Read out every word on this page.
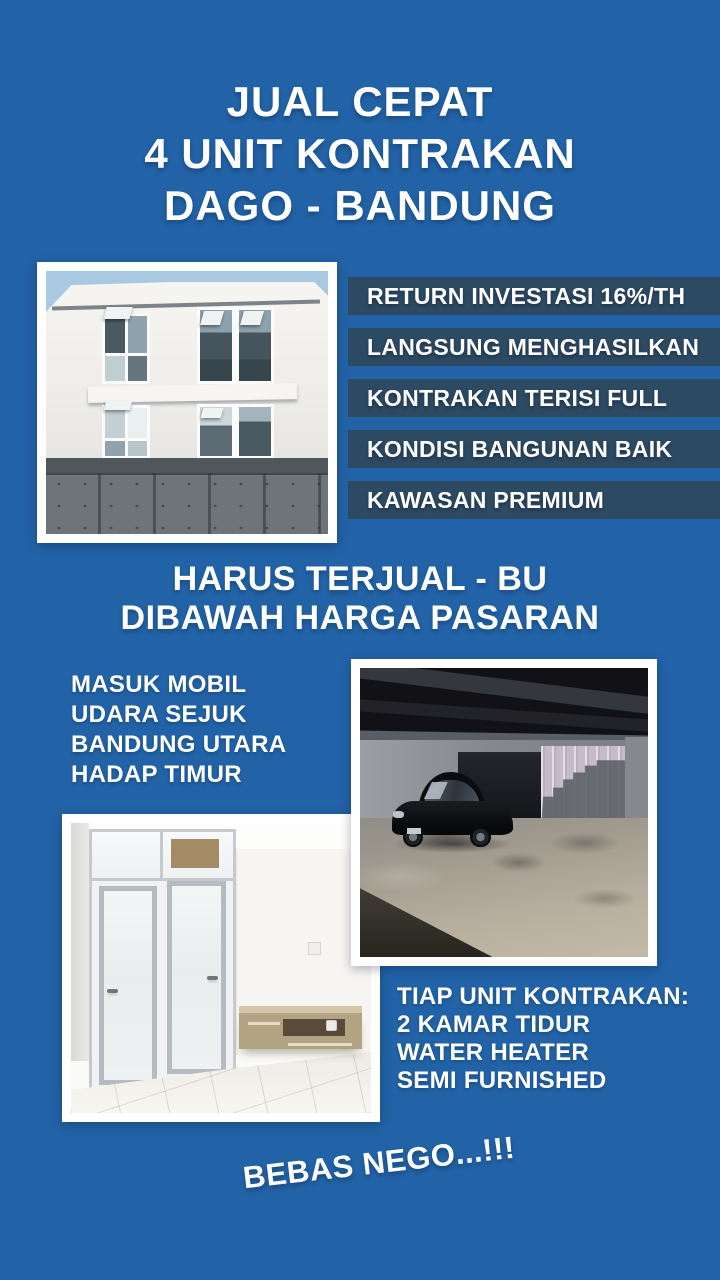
JUAL CEPAT
4 UNIT KONTRAKAN
DAGO - BANDUNG
RETURN INVESTASI 16%/TH
LANGSUNG MENGHASILKAN
KONTRAKAN TERISI FULL
KONDISI BANGUNAN BAIK
KAWASAN PREMIUM
HARUS TERJUAL - BU
DIBAWAH HARGA PASARAN
MASUK MOBIL
UDARA SEJUK
BANDUNG UTARA
HADAP TIMUR
TIAP UNIT KONTRAKAN:
2 KAMAR TIDUR
WATER HEATER
SEMI FURNISHED
BEBAS NEGO...!!!
